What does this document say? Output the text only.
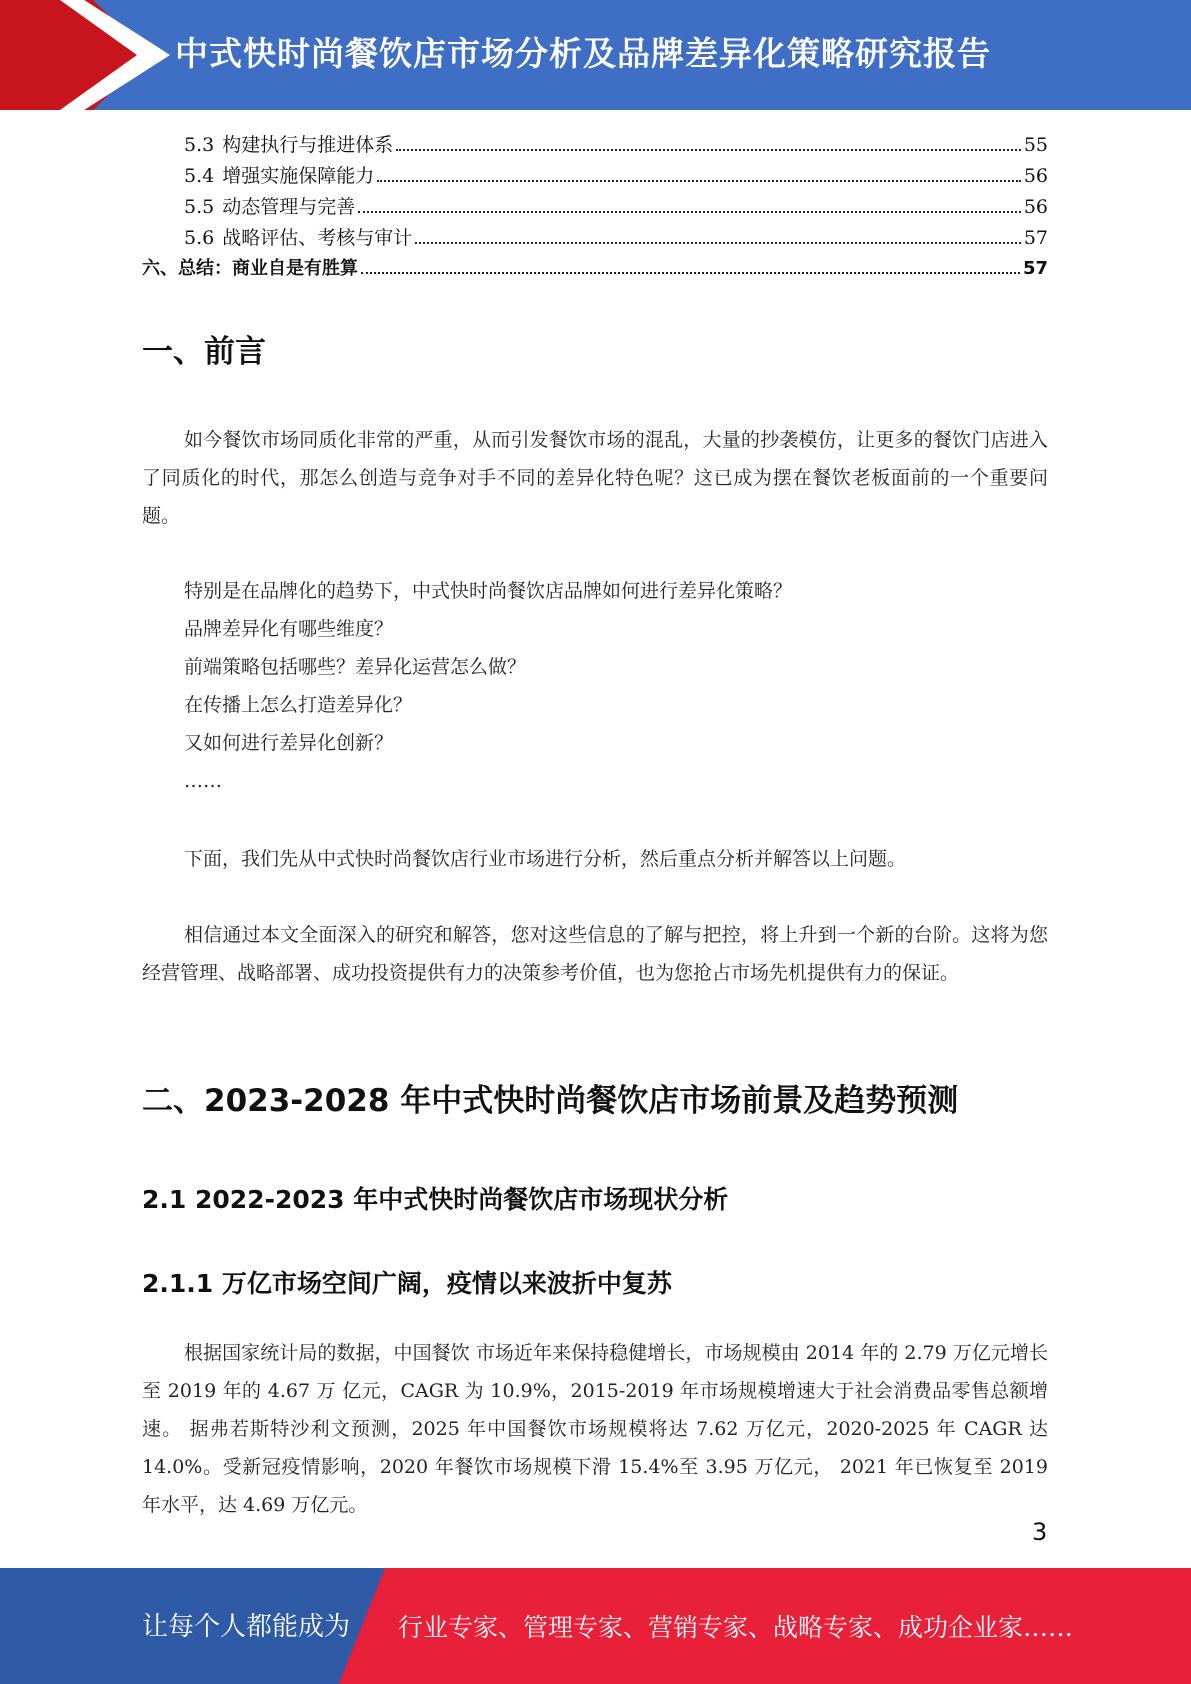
中式快时尚餐饮店市场分析及品牌差异化策略研究报告
5.3 构建执行与推进体系	55
5.4 增强实施保障能力	56
5.5 动态管理与完善	56
5.6 战略评估、考核与审计	57
六、总结：商业自是有胜算	57
一、前言
如今餐饮市场同质化非常的严重，从而引发餐饮市场的混乱，大量的抄袭模仿，让更多的餐饮门店进入了同质化的时代，那怎么创造与竞争对手不同的差异化特色呢？这已成为摆在餐饮老板面前的一个重要问题。
特别是在品牌化的趋势下，中式快时尚餐饮店品牌如何进行差异化策略？
品牌差异化有哪些维度？
前端策略包括哪些？差异化运营怎么做？
在传播上怎么打造差异化？
又如何进行差异化创新？
……
下面，我们先从中式快时尚餐饮店行业市场进行分析，然后重点分析并解答以上问题。
相信通过本文全面深入的研究和解答，您对这些信息的了解与把控，将上升到一个新的台阶。这将为您经营管理、战略部署、成功投资提供有力的决策参考价值，也为您抢占市场先机提供有力的保证。
二、2023-2028 年中式快时尚餐饮店市场前景及趋势预测
2.1 2022-2023 年中式快时尚餐饮店市场现状分析
2.1.1 万亿市场空间广阔，疫情以来波折中复苏
根据国家统计局的数据，中国餐饮 市场近年来保持稳健增长，市场规模由 2014 年的 2.79 万亿元增长至 2019 年的 4.67 万 亿元，CAGR 为 10.9%，2015-2019 年市场规模增速大于社会消费品零售总额增速。 据弗若斯特沙利文预测，2025 年中国餐饮市场规模将达 7.62 万亿元，2020-2025 年 CAGR 达 14.0%。受新冠疫情影响，2020 年餐饮市场规模下滑 15.4%至 3.95 万亿元， 2021 年已恢复至 2019 年水平，达 4.69 万亿元。
3
让每个人都能成为 行业专家、管理专家、营销专家、战略专家、成功企业家……
